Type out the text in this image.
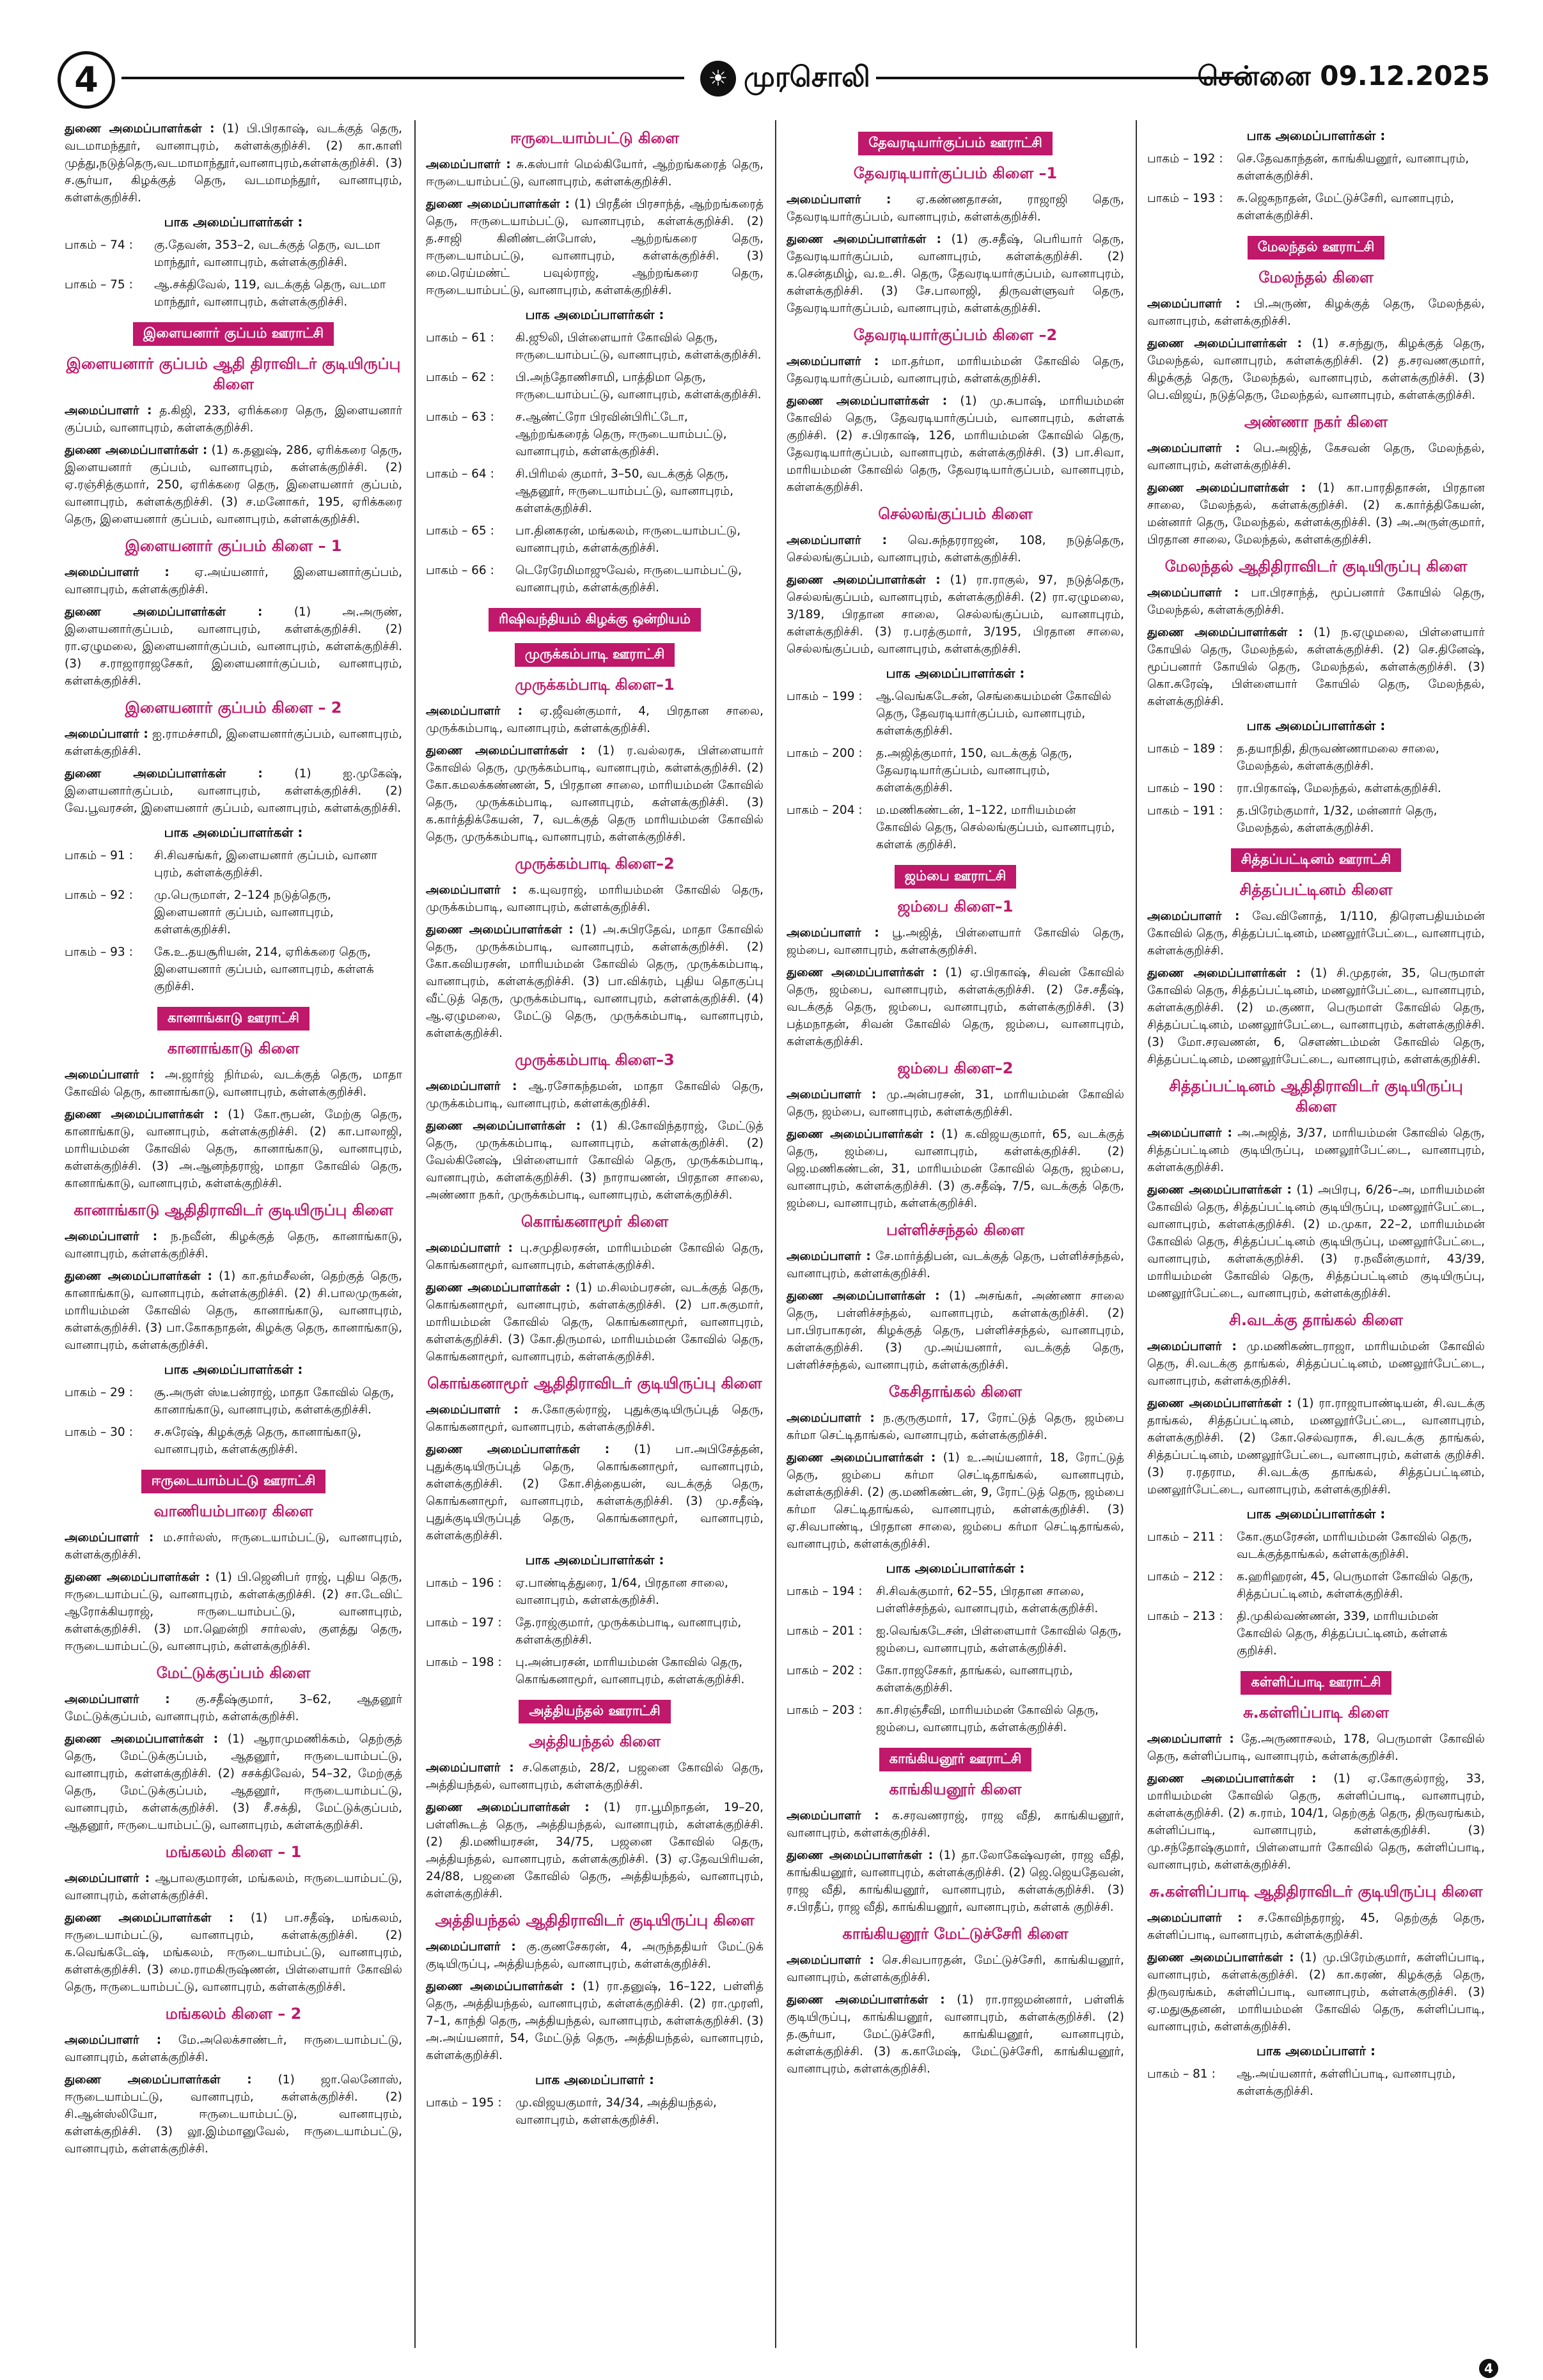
4	☀ முரசொலி	சென்னை 09.12.2025
துணை அமைப்பாளர்கள் : (1) பி.பிரகாஷ், வடக்குத் தெரு, வடமாமந்தூர், வானாபுரம், கள்ளக்குறிச்சி. (2) கா.காளி முத்து,நடுத்தெரு,வடமாமாந்தூர்,வானாபுரம்,கள்ளக்குறிச்சி. (3) ச.சூர்யா, கிழக்குத் தெரு, வடமாமந்தூர், வானாபுரம், கள்ளக்குறிச்சி.
பாக அமைப்பாளர்கள் :
பாகம் – 74 :	கு.தேவன், 353–2, வடக்குத் தெரு, வடமா மாந்தூர், வானாபுரம், கள்ளக்குறிச்சி.
பாகம் – 75 :	ஆ.சக்திவேல், 119, வடக்குத் தெரு, வடமா மாந்தூர், வானாபுரம், கள்ளக்குறிச்சி.
இளையனார் குப்பம் ஊராட்சி
இளையனார் குப்பம் ஆதி திராவிடர் குடியிருப்பு கிளை
அமைப்பாளர் : த.கிஜி, 233, ஏரிக்கரை தெரு, இளையனார் குப்பம், வானாபுரம், கள்ளக்குறிச்சி.
துணை அமைப்பாளர்கள் : (1) க.தனுஷ், 286, ஏரிக்கரை தெரு, இளையனார் குப்பம், வானாபுரம், கள்ளக்குறிச்சி. (2) ஏ.ரஞ்சித்குமார், 250, ஏரிக்கரை தெரு, இளையனார் குப்பம், வானாபுரம், கள்ளக்குறிச்சி. (3) ச.மனோகர், 195, ஏரிக்கரை தெரு, இளையனார் குப்பம், வானாபுரம், கள்ளக்குறிச்சி.
இளையனார் குப்பம் கிளை – 1
அமைப்பாளர் : ஏ.அய்யனார், இளையனார்குப்பம், வானாபுரம், கள்ளக்குறிச்சி.
துணை அமைப்பாளர்கள் : (1) அ.அருண், இளையனார்குப்பம், வானாபுரம், கள்ளக்குறிச்சி. (2) ரா.ஏழுமலை, இளையனார்குப்பம், வானாபுரம், கள்ளக்குறிச்சி. (3) ச.ராஜாராஜசேகர், இளையனார்குப்பம், வானாபுரம், கள்ளக்குறிச்சி.
இளையனார் குப்பம் கிளை – 2
அமைப்பாளர் : ஐ.ராமச்சாமி, இளையனார்குப்பம், வானாபுரம், கள்ளக்குறிச்சி.
துணை அமைப்பாளர்கள் : (1) ஐ.முகேஷ், இளையனார்குப்பம், வானாபுரம், கள்ளக்குறிச்சி. (2) வே.பூவரசன், இளையனார் குப்பம், வானாபுரம், கள்ளக்குறிச்சி.
பாக அமைப்பாளர்கள் :
பாகம் – 91 :	சி.சிவசங்கர், இளையனார் குப்பம், வானா புரம், கள்ளக்குறிச்சி.
பாகம் – 92 :	மு.பெருமாள், 2–124 நடுத்தெரு, இளையனார் குப்பம், வானாபுரம், கள்ளக்குறிச்சி.
பாகம் – 93 :	கே.உ.தயசூரியன், 214, ஏரிக்கரை தெரு, இளையனார் குப்பம், வானாபுரம், கள்ளக் குறிச்சி.
கானாங்காடு ஊராட்சி
கானாங்காடு கிளை
அமைப்பாளர் : அ.ஜார்ஜ் நிர்மல், வடக்குத் தெரு, மாதா கோவில் தெரு, கானாங்காடு, வானாபுரம், கள்ளக்குறிச்சி.
துணை அமைப்பாளர்கள் : (1) கோ.ரூபன், மேற்கு தெரு, கானாங்காடு, வானாபுரம், கள்ளக்குறிச்சி. (2) கா.பாலாஜி, மாரியம்மன் கோவில் தெரு, கானாங்காடு, வானாபுரம், கள்ளக்குறிச்சி. (3) அ.ஆனந்தராஜ், மாதா கோவில் தெரு, கானாங்காடு, வானாபுரம், கள்ளக்குறிச்சி.
கானாங்காடு ஆதிதிராவிடர் குடியிருப்பு கிளை
அமைப்பாளர் : ந.நவீன், கிழக்குத் தெரு, கானாங்காடு, வானாபுரம், கள்ளக்குறிச்சி.
துணை அமைப்பாளர்கள் : (1) கா.தர்மசீலன், தெற்குத் தெரு, கானாங்காடு, வானாபுரம், கள்ளக்குறிச்சி. (2) சி.பாலமுருகன், மாரியம்மன் கோவில் தெரு, கானாங்காடு, வானாபுரம், கள்ளக்குறிச்சி. (3) பா.கோகநாதன், கிழக்கு தெரு, கானாங்காடு, வானாபுரம், கள்ளக்குறிச்சி.
பாக அமைப்பாளர்கள் :
பாகம் – 29 :	சூ.அருள் ஸ்டீபன்ராஜ், மாதா கோவில் தெரு, கானாங்காடு, வானாபுரம், கள்ளக்குறிச்சி.
பாகம் – 30 :	ச.சுரேஷ், கிழக்குத் தெரு, கானாங்காடு, வானாபுரம், கள்ளக்குறிச்சி.
ஈருடையாம்பட்டு ஊராட்சி
வாணியம்பாரை கிளை
அமைப்பாளர் : ம.சார்லஸ், ஈருடையாம்பட்டு, வானாபுரம், கள்ளக்குறிச்சி.
துணை அமைப்பாளர்கள் : (1) பி.ஜெனிபர் ராஜ், புதிய தெரு, ஈருடையாம்பட்டு, வானாபுரம், கள்ளக்குறிச்சி. (2) சா.டேவிட் ஆரோக்கியராஜ், ஈருடையாம்பட்டு, வானாபுரம், கள்ளக்குறிச்சி. (3) மா.ஹென்றி சார்லஸ், குளத்து தெரு, ஈருடையாம்பட்டு, வானாபுரம், கள்ளக்குறிச்சி.
மேட்டுக்குப்பம் கிளை
அமைப்பாளர் : கு.சதீஷ்குமார், 3–62, ஆதனூர் மேட்டுக்குப்பம், வானாபுரம், கள்ளக்குறிச்சி.
துணை அமைப்பாளர்கள் : (1) ஆராமுமணிக்கம், தெற்குத் தெரு, மேட்டுக்குப்பம், ஆதனூர், ஈருடையாம்பட்டு, வானாபுரம், கள்ளக்குறிச்சி. (2) சசக்திவேல், 54–32, மேற்குத் தெரு, மேட்டுக்குப்பம், ஆதனூர், ஈருடையாம்பட்டு, வானாபுரம், கள்ளக்குறிச்சி. (3) சீ.சக்தி, மேட்டுக்குப்பம், ஆதனூர், ஈருடையாம்பட்டு, வானாபுரம், கள்ளக்குறிச்சி.
மங்கலம் கிளை – 1
அமைப்பாளர் : ஆபாலகுமாரன், மங்கலம், ஈருடையாம்பட்டு, வானாபுரம், கள்ளக்குறிச்சி.
துணை அமைப்பாளர்கள் : (1) பா.சதீஷ், மங்கலம், ஈருடையாம்பட்டு, வானாபுரம், கள்ளக்குறிச்சி. (2) க.வெங்கடேஷ், மங்கலம், ஈருடையாம்பட்டு, வானாபுரம், கள்ளக்குறிச்சி. (3) மை.ராமகிருஷ்ணன், பிள்ளையார் கோவில் தெரு, ஈருடையாம்பட்டு, வானாபுரம், கள்ளக்குறிச்சி.
மங்கலம் கிளை – 2
அமைப்பாளர் : மே.அலெக்சாண்டர், ஈருடையாம்பட்டு, வானாபுரம், கள்ளக்குறிச்சி.
துணை அமைப்பாளர்கள் : (1) ஜா.லெனோஸ், ஈருடையாம்பட்டு, வானாபுரம், கள்ளக்குறிச்சி. (2) சி.ஆன்ஸ்லியோ, ஈருடையாம்பட்டு, வானாபுரம், கள்ளக்குறிச்சி. (3) லூ.இம்மானுவேல், ஈருடையாம்பட்டு, வானாபுரம், கள்ளக்குறிச்சி.
ஈருடையாம்பட்டு கிளை
அமைப்பாளர் : சு.கஸ்பார் மெல்கியோர், ஆற்றங்கரைத் தெரு, ஈருடையாம்பட்டு, வானாபுரம், கள்ளக்குறிச்சி.
துணை அமைப்பாளர்கள் : (1) பிரதீன் பிரசாந்த், ஆற்றங்கரைத் தெரு, ஈருடையாம்பட்டு, வானாபுரம், கள்ளக்குறிச்சி. (2) த.சாஜி கினிண்டன்போஸ், ஆற்றங்கரை தெரு, ஈருடையாம்பட்டு, வானாபுரம், கள்ளக்குறிச்சி. (3) மை.ரெய்மண்ட் பவுல்ராஜ், ஆற்றங்கரை தெரு, ஈருடையாம்பட்டு, வானாபுரம், கள்ளக்குறிச்சி.
பாக அமைப்பாளர்கள் :
பாகம் – 61 :	கி.ஜூலி, பிள்ளையார் கோவில் தெரு, ஈருடையாம்பட்டு, வானாபுரம், கள்ளக்குறிச்சி.
பாகம் – 62 :	பி.அந்தோணிசாமி, பாத்திமா தெரு, ஈருடையாம்பட்டு, வானாபுரம், கள்ளக்குறிச்சி.
பாகம் – 63 :	ச.ஆண்ட்ரோ பிரவின்பிரிட்டோ, ஆற்றங்கரைத் தெரு, ஈருடையாம்பட்டு, வானாபுரம், கள்ளக்குறிச்சி.
பாகம் – 64 :	சி.பிரிமல் குமார், 3–50, வடக்குத் தெரு, ஆதனூர், ஈருடையாம்பட்டு, வானாபுரம், கள்ளக்குறிச்சி.
பாகம் – 65 :	பா.தினகரன், மங்கலம், ஈருடையாம்பட்டு, வானாபுரம், கள்ளக்குறிச்சி.
பாகம் – 66 :	டெரேரேமிமாஜுவேல், ஈருடையாம்பட்டு, வானாபுரம், கள்ளக்குறிச்சி.
ரிஷிவந்தியம் கிழக்கு ஒன்றியம்
முருக்கம்பாடி ஊராட்சி
முருக்கம்பாடி கிளை–1
அமைப்பாளர் : ஏ.ஜீவன்குமார், 4, பிரதான சாலை, முருக்கம்பாடி, வானாபுரம், கள்ளக்குறிச்சி.
துணை அமைப்பாளர்கள் : (1) ர.வல்லரசு, பிள்ளையார் கோவில் தெரு, முருக்கம்பாடி, வானாபுரம், கள்ளக்குறிச்சி. (2) கோ.கமலக்கண்ணன், 5, பிரதான சாலை, மாரியம்மன் கோவில் தெரு, முருக்கம்பாடி, வானாபுரம், கள்ளக்குறிச்சி. (3) க.கார்த்திக்கேயன், 7, வடக்குத் தெரு மாரியம்மன் கோவில் தெரு, முருக்கம்பாடி, வானாபுரம், கள்ளக்குறிச்சி.
முருக்கம்பாடி கிளை–2
அமைப்பாளர் : க.யுவராஜ், மாரியம்மன் கோவில் தெரு, முருக்கம்பாடி, வானாபுரம், கள்ளக்குறிச்சி.
துணை அமைப்பாளர்கள் : (1) அ.சுபிரதேவ், மாதா கோவில் தெரு, முருக்கம்பாடி, வானாபுரம், கள்ளக்குறிச்சி. (2) கோ.கவியரசன், மாரியம்மன் கோவில் தெரு, முருக்கம்பாடி, வானாபுரம், கள்ளக்குறிச்சி. (3) பா.விக்ரம், புதிய தொகுப்பு வீட்டுத் தெரு, முருக்கம்பாடி, வானாபுரம், கள்ளக்குறிச்சி. (4) ஆ.ஏழுமலை, மேட்டு தெரு, முருக்கம்பாடி, வானாபுரம், கள்ளக்குறிச்சி.
முருக்கம்பாடி கிளை–3
அமைப்பாளர் : ஆ.ரசோகந்தமன், மாதா கோவில் தெரு, முருக்கம்பாடி, வானாபுரம், கள்ளக்குறிச்சி.
துணை அமைப்பாளர்கள் : (1) கி.கோவிந்தராஜ், மேட்டுத் தெரு, முருக்கம்பாடி, வானாபுரம், கள்ளக்குறிச்சி. (2) வேல்கினேஷ், பிள்ளையார் கோவில் தெரு, முருக்கம்பாடி, வானாபுரம், கள்ளக்குறிச்சி. (3) நாராயணன், பிரதான சாலை, அண்ணா நகர், முருக்கம்பாடி, வானாபுரம், கள்ளக்குறிச்சி.
கொங்கனாமூர் கிளை
அமைப்பாளர் : பு.சமுதிலரசன், மாரியம்மன் கோவில் தெரு, கொங்கனாமூர், வானாபுரம், கள்ளக்குறிச்சி.
துணை அமைப்பாளர்கள் : (1) ம.சிலம்பரசன், வடக்குத் தெரு, கொங்கனாமூர், வானாபுரம், கள்ளக்குறிச்சி. (2) பா.சுகுமார், மாரியம்மன் கோவில் தெரு, கொங்கனாமூர், வானாபுரம், கள்ளக்குறிச்சி. (3) கோ.திருமால், மாரியம்மன் கோவில் தெரு, கொங்கனாமூர், வானாபுரம், கள்ளக்குறிச்சி.
கொங்கனாமூர் ஆதிதிராவிடர் குடியிருப்பு கிளை
அமைப்பாளர் : சு.கோகுல்ராஜ், புதுக்குடியிருப்புத் தெரு, கொங்கனாமூர், வானாபுரம், கள்ளக்குறிச்சி.
துணை அமைப்பாளர்கள் : (1) பா.அபிசேத்தன், புதுக்குடியிருப்புத் தெரு, கொங்கனாமூர், வானாபுரம், கள்ளக்குறிச்சி. (2) கோ.சித்தையன், வடக்குத் தெரு, கொங்கனாமூர், வானாபுரம், கள்ளக்குறிச்சி. (3) மு.சதீஷ், புதுக்குடியிருப்புத் தெரு, கொங்கனாமூர், வானாபுரம், கள்ளக்குறிச்சி.
பாக அமைப்பாளர்கள் :
பாகம் – 196 :	ஏ.பாண்டித்துரை, 1/64, பிரதான சாலை, வானாபுரம், கள்ளக்குறிச்சி.
பாகம் – 197 :	தே.ராஜ்குமார், முருக்கம்பாடி, வானாபுரம், கள்ளக்குறிச்சி.
பாகம் – 198 :	பு.அன்பரசன், மாரியம்மன் கோவில் தெரு, கொங்கனாமூர், வானாபுரம், கள்ளக்குறிச்சி.
அத்தியந்தல் ஊராட்சி
அத்தியந்தல் கிளை
அமைப்பாளர் : ச.கௌதம், 28/2, பஜனை கோவில் தெரு, அத்தியந்தல், வானாபுரம், கள்ளக்குறிச்சி.
துணை அமைப்பாளர்கள் : (1) ரா.பூமிநாதன், 19–20, பள்ளிகூடத் தெரு, அத்தியந்தல், வானாபுரம், கள்ளக்குறிச்சி. (2) தி.மணியரசன், 34/75, பஜனை கோவில் தெரு, அத்தியந்தல், வானாபுரம், கள்ளக்குறிச்சி. (3) ஏ.தேவபிரியன், 24/88, பஜனை கோவில் தெரு, அத்தியந்தல், வானாபுரம், கள்ளக்குறிச்சி.
அத்தியந்தல் ஆதிதிராவிடர் குடியிருப்பு கிளை
அமைப்பாளர் : கு.குணசேகரன், 4, அருந்ததியர் மேட்டுக் குடியிருப்பு, அத்தியந்தல், வானாபுரம், கள்ளக்குறிச்சி.
துணை அமைப்பாளர்கள் : (1) ரா.தனுஷ், 16–122, பள்ளித் தெரு, அத்தியந்தல், வானாபுரம், கள்ளக்குறிச்சி. (2) ரா.முரளி, 7–1, காந்தி தெரு, அத்தியந்தல், வானாபுரம், கள்ளக்குறிச்சி. (3) அ.அய்யனார், 54, மேட்டுத் தெரு, அத்தியந்தல், வானாபுரம், கள்ளக்குறிச்சி.
பாக அமைப்பாளர் :
பாகம் – 195 :	மு.விஜயகுமார், 34/34, அத்தியந்தல், வானாபுரம், கள்ளக்குறிச்சி.
தேவரடியார்குப்பம் ஊராட்சி
தேவரடியார்குப்பம் கிளை –1
அமைப்பாளர் : ஏ.கண்ணதாசன், ராஜாஜி தெரு, தேவரடியார்குப்பம், வானாபுரம், கள்ளக்குறிச்சி.
துணை அமைப்பாளர்கள் : (1) கு.சதீஷ், பெரியார் தெரு, தேவரடியார்குப்பம், வானாபுரம், கள்ளக்குறிச்சி. (2) க.சென்தமிழ், வ.உ.சி. தெரு, தேவரடியார்குப்பம், வானாபுரம், கள்ளக்குறிச்சி. (3) சே.பாலாஜி, திருவள்ளுவர் தெரு, தேவரடியார்குப்பம், வானாபுரம், கள்ளக்குறிச்சி.
தேவரடியார்குப்பம் கிளை –2
அமைப்பாளர் : மா.தர்மா, மாரியம்மன் கோவில் தெரு, தேவரடியார்குப்பம், வானாபுரம், கள்ளக்குறிச்சி.
துணை அமைப்பாளர்கள் : (1) மு.சுபாஷ், மாரியம்மன் கோவில் தெரு, தேவரடியார்குப்பம், வானாபுரம், கள்ளக் குறிச்சி. (2) ச.பிரகாஷ், 126, மாரியம்மன் கோவில் தெரு, தேவரடியார்குப்பம், வானாபுரம், கள்ளக்குறிச்சி. (3) பா.சிவா, மாரியம்மன் கோவில் தெரு, தேவரடியார்குப்பம், வானாபுரம், கள்ளக்குறிச்சி.
செல்லங்குப்பம் கிளை
அமைப்பாளர் : வெ.சுந்தரராஜன், 108, நடுத்தெரு, செல்லங்குப்பம், வானாபுரம், கள்ளக்குறிச்சி.
துணை அமைப்பாளர்கள் : (1) ரா.ராகுல், 97, நடுத்தெரு, செல்லங்குப்பம், வானாபுரம், கள்ளக்குறிச்சி. (2) ரா.ஏழுமலை, 3/189, பிரதான சாலை, செல்லங்குப்பம், வானாபுரம், கள்ளக்குறிச்சி. (3) ர.பரத்குமார், 3/195, பிரதான சாலை, செல்லங்குப்பம், வானாபுரம், கள்ளக்குறிச்சி.
பாக அமைப்பாளர்கள் :
பாகம் – 199 :	ஆ.வெங்கடேசன், செங்கையம்மன் கோவில் தெரு, தேவரடியார்குப்பம், வானாபுரம், கள்ளக்குறிச்சி.
பாகம் – 200 :	த.அஜித்குமார், 150, வடக்குத் தெரு, தேவரடியார்குப்பம், வானாபுரம், கள்ளக்குறிச்சி.
பாகம் – 204 :	ம.மணிகண்டன், 1–122, மாரியம்மன் கோவில் தெரு, செல்லங்குப்பம், வானாபுரம், கள்ளக் குறிச்சி.
ஜம்பை ஊராட்சி
ஜம்பை கிளை–1
அமைப்பாளர் : பூ.அஜித், பிள்ளையார் கோவில் தெரு, ஜம்பை, வானாபுரம், கள்ளக்குறிச்சி.
துணை அமைப்பாளர்கள் : (1) ஏ.பிரகாஷ், சிவன் கோவில் தெரு, ஜம்பை, வானாபுரம், கள்ளக்குறிச்சி. (2) சே.சதீஷ், வடக்குத் தெரு, ஜம்பை, வானாபுரம், கள்ளக்குறிச்சி. (3) பத்மநாதன், சிவன் கோவில் தெரு, ஜம்பை, வானாபுரம், கள்ளக்குறிச்சி.
ஜம்பை கிளை–2
அமைப்பாளர் : மு.அன்பரசன், 31, மாரியம்மன் கோவில் தெரு, ஜம்பை, வானாபுரம், கள்ளக்குறிச்சி.
துணை அமைப்பாளர்கள் : (1) க.விஜயகுமார், 65, வடக்குத் தெரு, ஜம்பை, வானாபுரம், கள்ளக்குறிச்சி. (2) ஜெ.மணிகண்டன், 31, மாரியம்மன் கோவில் தெரு, ஜம்பை, வானாபுரம், கள்ளக்குறிச்சி. (3) கு.சதீஷ், 7/5, வடக்குத் தெரு, ஜம்பை, வானாபுரம், கள்ளக்குறிச்சி.
பள்ளிச்சந்தல் கிளை
அமைப்பாளர் : சே.மார்த்திபன், வடக்குத் தெரு, பள்ளிச்சந்தல், வானாபுரம், கள்ளக்குறிச்சி.
துணை அமைப்பாளர்கள் : (1) அசங்கர், அண்ணா சாலை தெரு, பள்ளிச்சந்தல், வானாபுரம், கள்ளக்குறிச்சி. (2) பா.பிரபாகரன், கிழக்குத் தெரு, பள்ளிச்சந்தல், வானாபுரம், கள்ளக்குறிச்சி. (3) மு.அய்யனார், வடக்குத் தெரு, பள்ளிச்சந்தல், வானாபுரம், கள்ளக்குறிச்சி.
கேசிதாங்கல் கிளை
அமைப்பாளர் : ந.குருகுமார், 17, ரோட்டுத் தெரு, ஜம்பை கர்மா செட்டிதாங்கல், வானாபுரம், கள்ளக்குறிச்சி.
துணை அமைப்பாளர்கள் : (1) உ.அய்யனார், 18, ரோட்டுத் தெரு, ஜம்பை கர்மா செட்டிதாங்கல், வானாபுரம், கள்ளக்குறிச்சி. (2) கு.மணிகண்டன், 9, ரோட்டுத் தெரு, ஜம்பை கர்மா செட்டிதாங்கல், வானாபுரம், கள்ளக்குறிச்சி. (3) ஏ.சிவபாண்டி, பிரதான சாலை, ஜம்பை கர்மா செட்டிதாங்கல், வானாபுரம், கள்ளக்குறிச்சி.
பாக அமைப்பாளர்கள் :
பாகம் – 194 :	சி.சிவக்குமார், 62–55, பிரதான சாலை, பள்ளிச்சந்தல், வானாபுரம், கள்ளக்குறிச்சி.
பாகம் – 201 :	ஐ.வெங்கடேசன், பிள்ளையார் கோவில் தெரு, ஜம்பை, வானாபுரம், கள்ளக்குறிச்சி.
பாகம் – 202 :	கோ.ராஜசேகர், தாங்கல், வானாபுரம், கள்ளக்குறிச்சி.
பாகம் – 203 :	கா.சிரஞ்சீவி, மாரியம்மன் கோவில் தெரு, ஜம்பை, வானாபுரம், கள்ளக்குறிச்சி.
காங்கியனூர் ஊராட்சி
காங்கியனூர் கிளை
அமைப்பாளர் : க.சரவணராஜ், ராஜ வீதி, காங்கியனூர், வானாபுரம், கள்ளக்குறிச்சி.
துணை அமைப்பாளர்கள் : (1) தா.லோகேஷ்வரன், ராஜ வீதி, காங்கியனூர், வானாபுரம், கள்ளக்குறிச்சி. (2) ஜெ.ஜெயதேவன், ராஜ வீதி, காங்கியனூர், வானாபுரம், கள்ளக்குறிச்சி. (3) ச.பிரதீப், ராஜ வீதி, காங்கியனூர், வானாபுரம், கள்ளக் குறிச்சி.
காங்கியனூர் மேட்டுச்சேரி கிளை
அமைப்பாளர் : செ.சிவபாரதன், மேட்டுச்சேரி, காங்கியனூர், வானாபுரம், கள்ளக்குறிச்சி.
துணை அமைப்பாளர்கள் : (1) ரா.ராஜமன்னார், பள்ளிக் குடியிருப்பு, காங்கியனூர், வானாபுரம், கள்ளக்குறிச்சி. (2) த.சூர்யா, மேட்டுச்சேரி, காங்கியனூர், வானாபுரம், கள்ளக்குறிச்சி. (3) க.காமேஷ், மேட்டுச்சேரி, காங்கியனூர், வானாபுரம், கள்ளக்குறிச்சி.
பாக அமைப்பாளர்கள் :
பாகம் – 192 :	செ.தேவகாந்தன், காங்கியனூர், வானாபுரம், கள்ளக்குறிச்சி.
பாகம் – 193 :	சு.ஜெகநாதன், மேட்டுச்சேரி, வானாபுரம், கள்ளக்குறிச்சி.
மேலந்தல் ஊராட்சி
மேலந்தல் கிளை
அமைப்பாளர் : பி.அருண், கிழக்குத் தெரு, மேலந்தல், வானாபுரம், கள்ளக்குறிச்சி.
துணை அமைப்பாளர்கள் : (1) ச.சந்துரு, கிழக்குத் தெரு, மேலந்தல், வானாபுரம், கள்ளக்குறிச்சி. (2) த.சரவணகுமார், கிழக்குத் தெரு, மேலந்தல், வானாபுரம், கள்ளக்குறிச்சி. (3) பெ.விஜய், நடுத்தெரு, மேலந்தல், வானாபுரம், கள்ளக்குறிச்சி.
அண்ணா நகர் கிளை
அமைப்பாளர் : பெ.அஜித், கேசவன் தெரு, மேலந்தல், வானாபுரம், கள்ளக்குறிச்சி.
துணை அமைப்பாளர்கள் : (1) கா.பாரதிதாசன், பிரதான சாலை, மேலந்தல், கள்ளக்குறிச்சி. (2) க.கார்த்திகேயன், மன்னார் தெரு, மேலந்தல், கள்ளக்குறிச்சி. (3) அ.அருள்குமார், பிரதான சாலை, மேலந்தல், கள்ளக்குறிச்சி.
மேலந்தல் ஆதிதிராவிடர் குடியிருப்பு கிளை
அமைப்பாளர் : பா.பிரசாந்த், மூப்பனார் கோயில் தெரு, மேலந்தல், கள்ளக்குறிச்சி.
துணை அமைப்பாளர்கள் : (1) ந.ஏழுமலை, பிள்ளையார் கோயில் தெரு, மேலந்தல், கள்ளக்குறிச்சி. (2) செ.தினேஷ், மூப்பனார் கோயில் தெரு, மேலந்தல், கள்ளக்குறிச்சி. (3) கொ.சுரேஷ், பிள்ளையார் கோயில் தெரு, மேலந்தல், கள்ளக்குறிச்சி.
பாக அமைப்பாளர்கள் :
பாகம் – 189 :	த.தயாநிதி, திருவண்ணாமலை சாலை, மேலந்தல், கள்ளக்குறிச்சி.
பாகம் – 190 :	ரா.பிரகாஷ், மேலந்தல், கள்ளக்குறிச்சி.
பாகம் – 191 :	த.பிரேம்குமார், 1/32, மன்னார் தெரு, மேலந்தல், கள்ளக்குறிச்சி.
சித்தப்பட்டினம் ஊராட்சி
சித்தப்பட்டினம் கிளை
அமைப்பாளர் : வே.வினோத், 1/110, திரௌபதியம்மன் கோவில் தெரு, சித்தப்பட்டினம், மணலூர்பேட்டை, வானாபுரம், கள்ளக்குறிச்சி.
துணை அமைப்பாளர்கள் : (1) சி.முதரன், 35, பெருமாள் கோவில் தெரு, சித்தப்பட்டினம், மணலூர்பேட்டை, வானாபுரம், கள்ளக்குறிச்சி. (2) ம.குணா, பெருமாள் கோவில் தெரு, சித்தப்பட்டினம், மணலூர்பேட்டை, வானாபுரம், கள்ளக்குறிச்சி. (3) மோ.சரவணன், 6, செளண்டம்மன் கோவில் தெரு, சித்தப்பட்டினம், மணலூர்பேட்டை, வானாபுரம், கள்ளக்குறிச்சி.
சித்தப்பட்டினம் ஆதிதிராவிடர் குடியிருப்பு கிளை
அமைப்பாளர் : அ.அஜித், 3/37, மாரியம்மன் கோவில் தெரு, சித்தப்பட்டினம் குடியிருப்பு, மணலூர்பேட்டை, வானாபுரம், கள்ளக்குறிச்சி.
துணை அமைப்பாளர்கள் : (1) அபிரபு, 6/26–அ, மாரியம்மன் கோவில் தெரு, சித்தப்பட்டினம் குடியிருப்பு, மணலூர்பேட்டை, வானாபுரம், கள்ளக்குறிச்சி. (2) ம.முகா, 22–2, மாரியம்மன் கோவில் தெரு, சித்தப்பட்டினம் குடியிருப்பு, மணலூர்பேட்டை, வானாபுரம், கள்ளக்குறிச்சி. (3) ர.நவீன்குமார், 43/39, மாரியம்மன் கோவில் தெரு, சித்தப்பட்டினம் குடியிருப்பு, மணலூர்பேட்டை, வானாபுரம், கள்ளக்குறிச்சி.
சி.வடக்கு தாங்கல் கிளை
அமைப்பாளர் : மு.மணிகண்டராஜா, மாரியம்மன் கோவில் தெரு, சி.வடக்கு தாங்கல், சித்தப்பட்டினம், மணலூர்பேட்டை, வானாபுரம், கள்ளக்குறிச்சி.
துணை அமைப்பாளர்கள் : (1) ரா.ராஜாபாண்டியன், சி.வடக்கு தாங்கல், சித்தப்பட்டினம், மணலூர்பேட்டை, வானாபுரம், கள்ளக்குறிச்சி. (2) கோ.செல்வராசு, சி.வடக்கு தாங்கல், சித்தப்பட்டினம், மணலூர்பேட்டை, வானாபுரம், கள்ளக் குறிச்சி. (3) ர.ரதராம, சி.வடக்கு தாங்கல், சித்தப்பட்டினம், மணலூர்பேட்டை, வானாபுரம், கள்ளக்குறிச்சி.
பாக அமைப்பாளர்கள் :
பாகம் – 211 :	கோ.குமரேசன், மாரியம்மன் கோவில் தெரு, வடக்குத்தாங்கல், கள்ளக்குறிச்சி.
பாகம் – 212 :	க.ஹரிஹரன், 45, பெருமாள் கோவில் தெரு, சித்தப்பட்டினம், கள்ளக்குறிச்சி.
பாகம் – 213 :	தி.முகில்வண்ணன், 339, மாரியம்மன் கோவில் தெரு, சித்தப்பட்டினம், கள்ளக் குறிச்சி.
கள்ளிப்பாடி ஊராட்சி
சு.கள்ளிப்பாடி கிளை
அமைப்பாளர் : தே.அருணாசலம், 178, பெருமாள் கோவில் தெரு, கள்ளிப்பாடி, வானாபுரம், கள்ளக்குறிச்சி.
துணை அமைப்பாளர்கள் : (1) ஏ.கோகுல்ராஜ், 33, மாரியம்மன் கோவில் தெரு, கள்ளிப்பாடி, வானாபுரம், கள்ளக்குறிச்சி. (2) சு.ராம், 104/1, தெற்குத் தெரு, திருவரங்கம், கள்ளிப்பாடி, வானாபுரம், கள்ளக்குறிச்சி. (3) மு.சந்தோஷ்குமார், பிள்ளையார் கோவில் தெரு, கள்ளிப்பாடி, வானாபுரம், கள்ளக்குறிச்சி.
சு.கள்ளிப்பாடி ஆதிதிராவிடர் குடியிருப்பு கிளை
அமைப்பாளர் : ச.கோவிந்தராஜ், 45, தெற்குத் தெரு, கள்ளிப்பாடி, வானாபுரம், கள்ளக்குறிச்சி.
துணை அமைப்பாளர்கள் : (1) மு.பிரேம்குமார், கள்ளிப்பாடி, வானாபுரம், கள்ளக்குறிச்சி. (2) கா.கரண், கிழக்குத் தெரு, திருவரங்கம், கள்ளிப்பாடி, வானாபுரம், கள்ளக்குறிச்சி. (3) ஏ.மதுசூதனன், மாரியம்மன் கோவில் தெரு, கள்ளிப்பாடி, வானாபுரம், கள்ளக்குறிச்சி.
பாக அமைப்பாளர் :
பாகம் – 81 :	ஆ.அய்யனார், கள்ளிப்பாடி, வானாபுரம், கள்ளக்குறிச்சி.
4
